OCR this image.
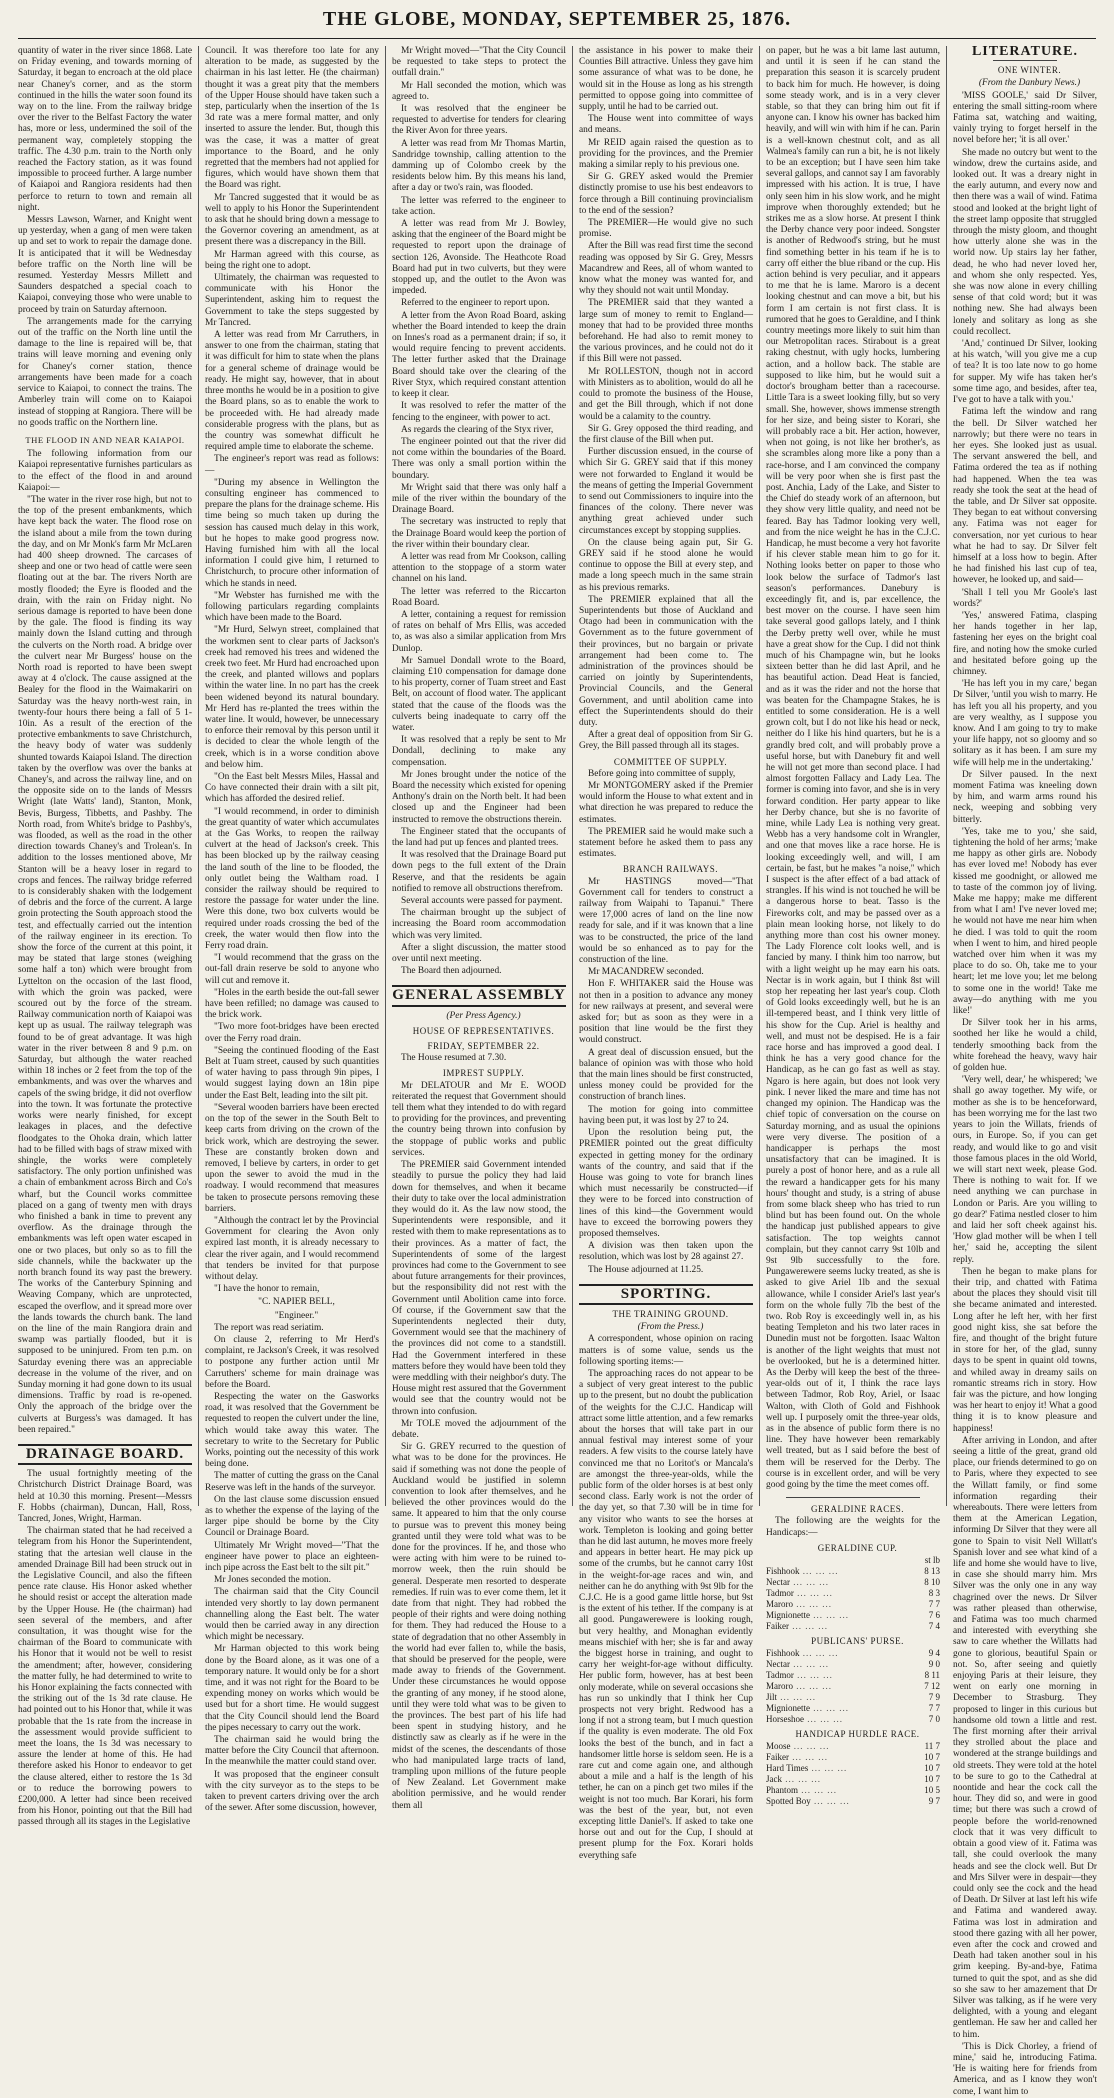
THE GLOBE, MONDAY, SEPTEMBER 25, 1876.

quantity of water in the river since 1868. Late on Friday evening, and towards morning of Saturday, it began to encroach at the old place near Chaney's corner, and as the storm continued in the hills the water soon found its way on to the line. From the railway bridge over the river to the Belfast Factory the water has, more or less, undermined the soil of the permanent way, completely stopping the traffic. The 4.30 p.m. train to the North only reached the Factory station, as it was found impossible to proceed further. A large number of Kaiapoi and Rangiora residents had then perforce to return to town and remain all night.

Messrs Lawson, Warner, and Knight went up yesterday, when a gang of men were taken up and set to work to repair the damage done. It is anticipated that it will be Wednesday before traffic on the North line will be resumed. Yesterday Messrs Millett and Saunders despatched a special coach to Kaiapoi, conveying those who were unable to proceed by train on Saturday afternoon.

The arrangements made for the carrying out of the traffic on the North line until the damage to the line is repaired will be, that trains will leave morning and evening only for Chaney's corner station, thence arrangements have been made for a coach service to Kaiapoi, to connect the trains. The Amberley train will come on to Kaiapoi instead of stopping at Rangiora. There will be no goods traffic on the Northern line.

THE FLOOD IN AND NEAR KAIAPOI.

The following information from our Kaiapoi representative furnishes particulars as to the effect of the flood in and around Kaiapoi:—

"The water in the river rose high, but not to the top of the present embankments, which have kept back the water. The flood rose on the island about a mile from the town during the day, and on Mr Monk's farm Mr McLaren had 400 sheep drowned. The carcases of sheep and one or two head of cattle were seen floating out at the bar. The rivers North are mostly flooded; the Eyre is flooded and the drain, with the rain on Friday night. No serious damage is reported to have been done by the gale. The flood is finding its way mainly down the Island cutting and through the culverts on the North road. A bridge over the culvert near Mr Burgess' house on the North road is reported to have been swept away at 4 o'clock. The cause assigned at the Bealey for the flood in the Waimakariri on Saturday was the heavy north-west rain, in twenty-four hours there being a fall of 5 1-10in. As a result of the erection of the protective embankments to save Christchurch, the heavy body of water was suddenly shunted towards Kaiapoi Island. The direction taken by the overflow was over the banks at Chaney's, and across the railway line, and on the opposite side on to the lands of Messrs Wright (late Watts' land), Stanton, Monk, Bevis, Burgess, Tibbetts, and Pashby. The North road, from White's bridge to Pashby's, was flooded, as well as the road in the other direction towards Chaney's and Trolean's. In addition to the losses mentioned above, Mr Stanton will be a heavy loser in regard to crops and fences. The railway bridge referred to is considerably shaken with the lodgement of debris and the force of the current. A large groin protecting the South approach stood the test, and effectually carried out the intention of the railway engineer in its erection. To show the force of the current at this point, it may be stated that large stones (weighing some half a ton) which were brought from Lyttelton on the occasion of the last flood, with which the groin was packed, were scoured out by the force of the stream. Railway communication north of Kaiapoi was kept up as usual. The railway telegraph was found to be of great advantage. It was high water in the river between 8 and 9 p.m. on Saturday, but although the water reached within 18 inches or 2 feet from the top of the embankments, and was over the wharves and capels of the swing bridge, it did not overflow into the town. It was fortunate the protective works were nearly finished, for except leakages in places, and the defective floodgates to the Ohoka drain, which latter had to be filled with bags of straw mixed with shingle, the works were completely satisfactory. The only portion unfinished was a chain of embankment across Birch and Co's wharf, but the Council works committee placed on a gang of twenty men with drays who finished a bank in time to prevent any overflow. As the drainage through the embankments was left open water escaped in one or two places, but only so as to fill the side channels, while the backwater up the north branch found its way past the brewery. The works of the Canterbury Spinning and Weaving Company, which are unprotected, escaped the overflow, and it spread more over the lands towards the church bank. The land on the line of the main Rangiora drain and swamp was partially flooded, but it is supposed to be uninjured. From ten p.m. on Saturday evening there was an appreciable decrease in the volume of the river, and on Sunday morning it had gone down to its usual dimensions. Traffic by road is re-opened. Only the approach of the bridge over the culverts at Burgess's was damaged. It has been repaired."

DRAINAGE BOARD.

The usual fortnightly meeting of the Christchurch District Drainage Board, was held at 10.30 this morning. Present—Messrs F. Hobbs (chairman), Duncan, Hall, Ross, Tancred, Jones, Wright, Harman.

The chairman stated that he had received a telegram from his Honor the Superintendent, stating that the artesian well clause in the amended Drainage Bill had been struck out in the Legislative Council, and also the fifteen pence rate clause. His Honor asked whether he should resist or accept the alteration made by the Upper House. He (the chairman) had seen several of the members, and after consultation, it was thought wise for the chairman of the Board to communicate with his Honor that it would not be well to resist the amendment; after, however, considering the matter fully, he had determined to write to his Honor explaining the facts connected with the striking out of the 1s 3d rate clause. He had pointed out to his Honor that, while it was probable that the 1s rate from the increase in the assessment would provide sufficient to meet the loans, the 1s 3d was necessary to assure the lender at home of this. He had therefore asked his Honor to endeavor to get the clause altered, either to restore the 1s 3d or to reduce the borrowing powers to £200,000. A letter had since been received from his Honor, pointing out that the Bill had passed through all its stages in the Legislative

Council. It was therefore too late for any alteration to be made, as suggested by the chairman in his last letter. He (the chairman) thought it was a great pity that the members of the Upper House should have taken such a step, particularly when the insertion of the 1s 3d rate was a mere formal matter, and only inserted to assure the lender. But, though this was the case, it was a matter of great importance to the Board, and he only regretted that the members had not applied for figures, which would have shown them that the Board was right.

Mr Tancred suggested that it would be as well to apply to his Honor the Superintendent to ask that he should bring down a message to the Governor covering an amendment, as at present there was a discrepancy in the Bill.

Mr Harman agreed with this course, as being the right one to adopt.

Ultimately, the chairman was requested to communicate with his Honor the Superintendent, asking him to request the Government to take the steps suggested by Mr Tancred.

A letter was read from Mr Carruthers, in answer to one from the chairman, stating that it was difficult for him to state when the plans for a general scheme of drainage would be ready. He might say, however, that in about three months he would be in a position to give the Board plans, so as to enable the work to be proceeded with. He had already made considerable progress with the plans, but as the country was somewhat difficult he required ample time to elaborate the scheme.

The engineer's report was read as follows:—

"During my absence in Wellington the consulting engineer has commenced to prepare the plans for the drainage scheme. His time being so much taken up during the session has caused much delay in this work, but he hopes to make good progress now. Having furnished him with all the local information I could give him, I returned to Christchurch, to procure other information of which he stands in need.

"Mr Webster has furnished me with the following particulars regarding complaints which have been made to the Board.

"Mr Hurd, Selwyn street, complained that the workmen sent to clear parts of Jackson's creek had removed his trees and widened the creek two feet. Mr Hurd had encroached upon the creek, and planted willows and poplars within the water line. In no part has the creek been widened beyond its natural boundary. Mr Herd has re-planted the trees within the water line. It would, however, be unnecessary to enforce their removal by this person until it is decided to clear the whole length of the creek, which is in a worse condition above and below him.

"On the East belt Messrs Miles, Hassal and Co have connected their drain with a silt pit, which has afforded the desired relief.

"I would recommend, in order to diminish the great quantity of water which accumulates at the Gas Works, to reopen the railway culvert at the head of Jackson's creek. This has been blocked up by the railway ceasing the land south of the line to be flooded, the only outlet being the Waltham road. I consider the railway should be required to restore the passage for water under the line. Were this done, two box culverts would be required under roads crossing the bed of the creek, the water would then flow into the Ferry road drain.

"I would recommend that the grass on the out-fall drain reserve be sold to anyone who will cut and remove it.

"Holes in the earth beside the out-fall sewer have been refilled; no damage was caused to the brick work.

"Two more foot-bridges have been erected over the Ferry road drain.

"Seeing the continued flooding of the East Belt at Tuam street, caused by such quantities of water having to pass through 9in pipes, I would suggest laying down an 18in pipe under the East Belt, leading into the silt pit.

"Several wooden barriers have been erected on the top of the sewer in the South Belt to keep carts from driving on the crown of the brick work, which are destroying the sewer. These are constantly broken down and removed, I believe by carters, in order to get upon the sewer to avoid the mud in the roadway. I would recommend that measures be taken to prosecute persons removing these barriers.

"Although the contract let by the Provincial Government for clearing the Avon only expired last month, it is already necessary to clear the river again, and I would recommend that tenders be invited for that purpose without delay.

"I have the honor to remain,

"C. NAPIER BELL,

"Engineer."

The report was read seriatim.

On clause 2, referring to Mr Herd's complaint, re Jackson's Creek, it was resolved to postpone any further action until Mr Carruthers' scheme for main drainage was before the Board.

Respecting the water on the Gasworks road, it was resolved that the Government be requested to reopen the culvert under the line, which would take away this water. The secretary to write to the Secretary for Public Works, pointing out the necessity of this work being done.

The matter of cutting the grass on the Canal Reserve was left in the hands of the surveyor.

On the last clause some discussion ensued as to whether the expense of the laying of the larger pipe should be borne by the City Council or Drainage Board.

Ultimately Mr Wright moved—"That the engineer have power to place an eighteen-inch pipe across the East belt to the silt pit."

Mr Jones seconded the motion.

The chairman said that the City Council intended very shortly to lay down permanent channelling along the East belt. The water would then be carried away in any direction which might be necessary.

Mr Harman objected to this work being done by the Board alone, as it was one of a temporary nature. It would only be for a short time, and it was not right for the Board to be expending money on works which would be used but for a short time. He would suggest that the City Council should lend the Board the pipes necessary to carry out the work.

The chairman said he would bring the matter before the City Council that afternoon. In the meanwhile the matter could stand over.

It was proposed that the engineer consult with the city surveyor as to the steps to be taken to prevent carters driving over the arch of the sewer. After some discussion, however,

Mr Wright moved—"That the City Council be requested to take steps to protect the outfall drain."

Mr Hall seconded the motion, which was agreed to.

It was resolved that the engineer be requested to advertise for tenders for clearing the River Avon for three years.

A letter was read from Mr Thomas Martin, Sandridge township, calling attention to the damming up of Colombo creek by the residents below him. By this means his land, after a day or two's rain, was flooded.

The letter was referred to the engineer to take action.

A letter was read from Mr J. Bowley, asking that the engineer of the Board might be requested to report upon the drainage of section 126, Avonside. The Heathcote Road Board had put in two culverts, but they were stopped up, and the outlet to the Avon was impeded.

Referred to the engineer to report upon.

A letter from the Avon Road Board, asking whether the Board intended to keep the drain on Innes's road as a permanent drain; if so, it would require fencing to prevent accidents. The letter further asked that the Drainage Board should take over the clearing of the River Styx, which required constant attention to keep it clear.

It was resolved to refer the matter of the fencing to the engineer, with power to act.

As regards the clearing of the Styx river,

The engineer pointed out that the river did not come within the boundaries of the Board. There was only a small portion within the boundary.

Mr Wright said that there was only half a mile of the river within the boundary of the Drainage Board.

The secretary was instructed to reply that the Drainage Board would keep the portion of the river within their boundary clear.

A letter was read from Mr Cookson, calling attention to the stoppage of a storm water channel on his land.

The letter was referred to the Riccarton Road Board.

A letter, containing a request for remission of rates on behalf of Mrs Ellis, was acceded to, as was also a similar application from Mrs Dunlop.

Mr Samuel Dondall wrote to the Board, claiming £10 compensation for damage done to his property, corner of Tuam street and East Belt, on account of flood water. The applicant stated that the cause of the floods was the culverts being inadequate to carry off the water.

It was resolved that a reply be sent to Mr Dondall, declining to make any compensation.

Mr Jones brought under the notice of the Board the necessity which existed for opening Anthony's drain on the North belt. It had been closed up and the Engineer had been instructed to remove the obstructions therein.

The Engineer stated that the occupants of the land had put up fences and planted trees.

It was resolved that the Drainage Board put down pegs to the full extent of the Drain Reserve, and that the residents be again notified to remove all obstructions therefrom.

Several accounts were passed for payment.

The chairman brought up the subject of increasing the Board room accommodation which was very limited.

After a slight discussion, the matter stood over until next meeting.

The Board then adjourned.

GENERAL ASSEMBLY

(Per Press Agency.)

HOUSE OF REPRESENTATIVES.

FRIDAY, SEPTEMBER 22.

The House resumed at 7.30.

IMPREST SUPPLY.

Mr DELATOUR and Mr E. WOOD reiterated the request that Government should tell them what they intended to do with regard to providing for the provinces, and preventing the country being thrown into confusion by the stoppage of public works and public services.

The PREMIER said Government intended steadily to pursue the policy they had laid down for themselves, and when it became their duty to take over the local administration they would do it. As the law now stood, the Superintendents were responsible, and it rested with them to make representations as to their provinces. As a matter of fact, the Superintendents of some of the largest provinces had come to the Government to see about future arrangements for their provinces, but the responsibility did not rest with the Government until Abolition came into force. Of course, if the Government saw that the Superintendents neglected their duty, Government would see that the machinery of the provinces did not come to a standstill. Had the Government interfered in these matters before they would have been told they were meddling with their neighbor's duty. The House might rest assured that the Government would see that the country would not be thrown into confusion.

Mr TOLE moved the adjournment of the debate.

Sir G. GREY recurred to the question of what was to be done for the provinces. He said if something was not done the people of Auckland would be justified in solemn convention to look after themselves, and he believed the other provinces would do the same. It appeared to him that the only course to pursue was to prevent this money being granted until they were told what was to be done for the provinces. If he, and those who were acting with him were to be ruined to-morrow week, then the ruin should be general. Desperate men resorted to desperate remedies. If ruin was to ever come them, let it date from that night. They had robbed the people of their rights and were doing nothing for them. They had reduced the House to a state of degradation that no other Assembly in the world had ever fallen to, while the basis, that should be preserved for the people, were made away to friends of the Government. Under these circumstances he would oppose the granting of any money, if he stood alone, until they were told what was to be given to the provinces. The best part of his life had been spent in studying history, and he distinctly saw as clearly as if he were in the midst of the scenes, the descendants of those who had manipulated large tracts of land, trampling upon millions of the future people of New Zealand. Let Government make abolition permissive, and he would render them all

the assistance in his power to make their Counties Bill attractive. Unless they gave him some assurance of what was to be done, he would sit in the House as long as his strength permitted to oppose going into committee of supply, until he had to be carried out.

The House went into committee of ways and means.

Mr REID again raised the question as to providing for the provinces, and the Premier making a similar reply to his previous one.

Sir G. GREY asked would the Premier distinctly promise to use his best endeavors to force through a Bill continuing provincialism to the end of the session?

The PREMIER—He would give no such promise.

After the Bill was read first time the second reading was opposed by Sir G. Grey, Messrs Macandrew and Rees, all of whom wanted to know what the money was wanted for, and why they should not wait until Monday.

The PREMIER said that they wanted a large sum of money to remit to England—money that had to be provided three months beforehand. He had also to remit money to the various provinces, and he could not do it if this Bill were not passed.

Mr ROLLESTON, though not in accord with Ministers as to abolition, would do all he could to promote the business of the House, and get the Bill through, which if not done would be a calamity to the country.

Sir G. Grey opposed the third reading, and the first clause of the Bill when put.

Further discussion ensued, in the course of which Sir G. GREY said that if this money were not forwarded to England it would be the means of getting the Imperial Government to send out Commissioners to inquire into the finances of the colony. There never was anything great achieved under such circumstances except by stopping supplies.

On the clause being again put, Sir G. GREY said if he stood alone he would continue to oppose the Bill at every step, and made a long speech much in the same strain as his previous remarks.

The PREMIER explained that all the Superintendents but those of Auckland and Otago had been in communication with the Government as to the future government of their provinces, but no bargain or private arrangement had been come to. The administration of the provinces should be carried on jointly by Superintendents, Provincial Councils, and the General Government, and until abolition came into effect the Superintendents should do their duty.

After a great deal of opposition from Sir G. Grey, the Bill passed through all its stages.

COMMITTEE OF SUPPLY.

Before going into committee of supply,

Mr MONTGOMERY asked if the Premier would inform the House to what extent and in what direction he was prepared to reduce the estimates.

The PREMIER said he would make such a statement before he asked them to pass any estimates.

BRANCH RAILWAYS.

Mr HASTINGS moved—"That Government call for tenders to construct a railway from Waipahi to Tapanui." There were 17,000 acres of land on the line now ready for sale, and if it was known that a line was to be constructed, the price of the land would be so enhanced as to pay for the construction of the line.

Mr MACANDREW seconded.

Hon F. WHITAKER said the House was not then in a position to advance any money for new railways at present, and several were asked for; but as soon as they were in a position that line would be the first they would construct.

A great deal of discussion ensued, but the balance of opinion was with those who hold that the main lines should be first constructed, unless money could be provided for the construction of branch lines.

The motion for going into committee having been put, it was lost by 27 to 24.

Upon the resolution being put, the PREMIER pointed out the great difficulty expected in getting money for the ordinary wants of the country, and said that if the House was going to vote for branch lines which must necessarily be constructed—if they were to be forced into construction of lines of this kind—the Government would have to exceed the borrowing powers they proposed themselves.

A division was then taken upon the resolution, which was lost by 28 against 27.

The House adjourned at 11.25.

SPORTING.

THE TRAINING GROUND.

(From the Press.)

A correspondent, whose opinion on racing matters is of some value, sends us the following sporting items:—

The approaching races do not appear to be a subject of very great interest to the public up to the present, but no doubt the publication of the weights for the C.J.C. Handicap will attract some little attention, and a few remarks about the horses that will take part in our annual festival may interest some of your readers. A few visits to the course lately have convinced me that no Loritot's or Mancala's are amongst the three-year-olds, while the public form of the older horses is at best only second class. Early work is not the order of the day yet, so that 7.30 will be in time for any visitor who wants to see the horses at work. Templeton is looking and going better than he did last autumn, he moves more freely and appears in better heart. He may pick up some of the crumbs, but he cannot carry 10st in the weight-for-age races and win, and neither can he do anything with 9st 9lb for the C.J.C. He is a good game little horse, but 9st is the extent of his tether. If the company is at all good. Pungawerewere is looking rough, but very healthy, and Monaghan evidently means mischief with her; she is far and away the biggest horse in training, and ought to carry her weight-for-age without difficulty. Her public form, however, has at best been only moderate, while on several occasions she has run so unkindly that I think her Cup prospects not very bright. Redwood has a long if not a strong team, but I much question if the quality is even moderate. The old Fox looks the best of the bunch, and in fact a handsomer little horse is seldom seen. He is a rare cut and come again one, and although about a mile and a half is the length of his tether, he can on a pinch get two miles if the weight is not too much. Bar Korari, his form was the best of the year, but, not even excepting little Daniel's. If asked to take one horse out and out for the Cup, I should at present plump for the Fox. Korari holds everything safe

on paper, but he was a bit lame last autumn, and until it is seen if he can stand the preparation this season it is scarcely prudent to back him for much. He however, is doing some steady work, and is in a very clever stable, so that they can bring him out fit if anyone can. I know his owner has backed him heavily, and will win with him if he can. Parin is a well-known chestnut colt, and as all Walmea's family can run a bit, he is not likely to be an exception; but I have seen him take several gallops, and cannot say I am favorably impressed with his action. It is true, I have only seen him in his slow work, and he might improve when thoroughly extended; but he strikes me as a slow horse. At present I think the Derby chance very poor indeed. Songster is another of Redwood's string, but he must find something better in his team if he is to carry off either the blue riband or the cup. His action behind is very peculiar, and it appears to me that he is lame. Maroro is a decent looking chestnut and can move a bit, but his form I am certain is not first class. It is rumored that he goes to Geraldine, and I think country meetings more likely to suit him than our Metropolitan races. Stirabout is a great raking chestnut, with ugly hocks, lumbering action, and a hollow back. The stable are supposed to like him, but he would suit a doctor's brougham better than a racecourse. Little Tara is a sweet looking filly, but so very small. She, however, shows immense strength for her size, and being sister to Korari, she will probably race a bit. Her action, however, when not going, is not like her brother's, as she scrambles along more like a pony than a race-horse, and I am convinced the company will be very poor when she is first past the post. Anchia, Lady of the Lake, and Sister to the Chief do steady work of an afternoon, but they show very little quality, and need not be feared. Bay has Tadmor looking very well, and from the nice weight he has in the C.J.C. Handicap, he must become a very hot favorite if his clever stable mean him to go for it. Nothing looks better on paper to those who look below the surface of Tadmor's last season's performances. Danebury is exceedingly fit, and is, par excellence, the best mover on the course. I have seen him take several good gallops lately, and I think the Derby pretty well over, while he must have a great show for the Cup. I did not think much of his Champagne win, but he looks sixteen better than he did last April, and he has beautiful action. Dead Heat is fancied, and as it was the rider and not the horse that was beaten for the Champagne Stakes, he is entitled to some consideration. He is a well grown colt, but I do not like his head or neck, neither do I like his hind quarters, but he is a grandly bred colt, and will probably prove a useful horse, but with Danebury fit and well he will not get more than second place. I had almost forgotten Fallacy and Lady Lea. The former is coming into favor, and she is in very forward condition. Her party appear to like her Derby chance, but she is no favorite of mine, while Lady Lea is nothing very great. Webb has a very handsome colt in Wrangler, and one that moves like a race horse. He is looking exceedingly well, and will, I am certain, be fast, but he makes "a noise," which I suspect is the after effect of a bad attack of strangles. If his wind is not touched he will be a dangerous horse to beat. Tasso is the Fireworks colt, and may be passed over as a plain mean looking horse, not likely to do anything more than cost his owner money. The Lady Florence colt looks well, and is fancied by many. I think him too narrow, but with a light weight up he may earn his oats. Nectar is in work again, but I think 8st will stop her repeating her last year's coup. Cloth of Gold looks exceedingly well, but he is an ill-tempered beast, and I think very little of his show for the Cup. Ariel is healthy and well, and must not be despised. He is a fair race horse and has improved a good deal. I think he has a very good chance for the Handicap, as he can go fast as well as stay. Ngaro is here again, but does not look very pink. I never liked the mare and time has not changed my opinion. The Handicap was the chief topic of conversation on the course on Saturday morning, and as usual the opinions were very diverse. The position of a handicapper is perhaps the most unsatisfactory that can be imagined. It is purely a post of honor here, and as a rule all the reward a handicapper gets for his many hours' thought and study, is a string of abuse from some black sheep who has tried to run blind but has been found out. On the whole the handicap just published appears to give satisfaction. The top weights cannot complain, but they cannot carry 9st 10lb and 9st 9lb successfully to the fore. Pungawerewere seems lucky treated, as she is asked to give Ariel 1lb and the sexual allowance, while I consider Ariel's last year's form on the whole fully 7lb the best of the two. Rob Roy is exceedingly well in, as his beating Templeton and his two later races in Dunedin must not be forgotten. Isaac Walton is another of the light weights that must not be overlooked, but he is a determined hitter. As the Derby will keep the best of the three-year-olds out of it, I think the race lays between Tadmor, Rob Roy, Ariel, or Isaac Walton, with Cloth of Gold and Fishhook well up. I purposely omit the three-year olds, as in the absence of public form there is no line. They have however been remarkably well treated, but as I said before the best of them will be reserved for the Derby. The course is in excellent order, and will be very good going by the time the meet comes off.

GERALDINE RACES.

The following are the weights for the Handicaps:—

GERALDINE CUP.

	st lb
Fishhook ... ... ...	8 13
Nectar ... ... ...	8 10
Tadmor ... ... ...	8 3
Maroro ... ... ...	7 7
Mignionette ... ... ...	7 6
Faiker ... ... ...	7 4

PUBLICANS' PURSE.

Fishhook ... ... ...	9 4
Nectar ... ... ...	9 0
Tadmor ... ... ...	8 11
Maroro ... ... ...	7 12
Jilt ... ... ...	7 9
Mignionette ... ... ...	7 7
Horseshoe ... ... ...	7 0

HANDICAP HURDLE RACE.

Moose ... ... ...	11 7
Faiker ... ... ...	10 7
Hard Times ... ... ...	10 7
Jack ... ... ...	10 7
Phantom ... ... ...	10 5
Spotted Boy ... ... ...	9 7
LITERATURE.

ONE WINTER.

(From the Danbury News.)

'MISS GOOLE,' said Dr Silver, entering the small sitting-room where Fatima sat, watching and waiting, vainly trying to forget herself in the novel before her; 'it is all over.'

She made no outcry but went to the window, drew the curtains aside, and looked out. It was a dreary night in the early autumn, and every now and then there was a wail of wind. Fatima stood and looked at the bright light of the street lamp opposite that struggled through the misty gloom, and thought how utterly alone she was in the world now. Up stairs lay her father, dead, he who had never loved her, and whom she only respected. Yes, she was now alone in every chilling sense of that cold word; but it was nothing new. She had always been lonely and solitary as long as she could recollect.

'And,' continued Dr Silver, looking at his watch, 'will you give me a cup of tea? It is too late now to go home for supper. My wife has taken her's some time ago, and besides, after tea, I've got to have a talk with you.'

Fatima left the window and rang the bell. Dr Silver watched her narrowly; but there were no tears in her eyes. She looked just as usual. The servant answered the bell, and Fatima ordered the tea as if nothing had happened. When the tea was ready she took the seat at the head of the table, and Dr Silver sat opposite. They began to eat without conversing any. Fatima was not eager for conversation, nor yet curious to hear what he had to say. Dr Silver felt himself at a loss how to begin. After he had finished his last cup of tea, however, he looked up, and said—

'Shall I tell you Mr Goole's last words?'

'Yes,' answered Fatima, clasping her hands together in her lap, fastening her eyes on the bright coal fire, and noting how the smoke curled and hesitated before going up the chimney.

'He has left you in my care,' began Dr Silver, 'until you wish to marry. He has left you all his property, and you are very wealthy, as I suppose you know. And I am going to try to make your life happy, not so gloomy and so solitary as it has been. I am sure my wife will help me in the undertaking.'

Dr Silver paused. In the next moment Fatima was kneeling down by him, and warm arms round his neck, weeping and sobbing very bitterly.

'Yes, take me to you,' she said, tightening the hold of her arms; 'make me happy as other girls are. Nobody has ever loved me! Nobody has ever kissed me goodnight, or allowed me to taste of the common joy of living. Make me happy; make me different from what I am! I've never loved me; he would not have me near him when he died. I was told to quit the room when I went to him, and hired people watched over him when it was my place to do so. Oh, take me to your heart; let me love you; let me belong to some one in the world! Take me away—do anything with me you like!'

Dr Silver took her in his arms, soothed her like he would a child, tenderly smoothing back from the white forehead the heavy, wavy hair of golden hue.

'Very well, dear,' he whispered; 'we shall go away together. My wife, or mother as she is to be henceforward, has been worrying me for the last two years to join the Willats, friends of ours, in Europe. So, if you can get ready, and would like to go and visit those famous places in the old World, we will start next week, please God. There is nothing to wait for. If we need anything we can purchase in London or Paris. Are you willing to go dear?' Fatima nestled closer to him and laid her soft cheek against his. 'How glad mother will be when I tell her,' said he, accepting the silent reply.

Then he began to make plans for their trip, and chatted with Fatima about the places they should visit till she became animated and interested. Long after he left her, with her first good night kiss, she sat before the fire, and thought of the bright future in store for her, of the glad, sunny days to be spent in quaint old towns, and whiled away in dreamy sails on romantic streams rich in story. How fair was the picture, and how longing was her heart to enjoy it! What a good thing it is to know pleasure and happiness!

After arriving in London, and after seeing a little of the great, grand old place, our friends determined to go on to Paris, where they expected to see the Willatt family, or find some information regarding their whereabouts. There were letters from them at the American Legation, informing Dr Silver that they were all gone to Spain to visit Nell Willatt's Spanish lover and see what kind of a life and home she would have to live, in case she should marry him. Mrs Silver was the only one in any way chagrined over the news. Dr Silver was rather pleased than otherwise, and Fatima was too much charmed and interested with everything she saw to care whether the Willatts had gone to glorious, beautiful Spain or not. So, after seeing and quietly enjoying Paris at their leisure, they went on early one morning in December to Strasburg. They proposed to linger in this curious but handsome old town a little and rest. The first morning after their arrival they strolled about the place and wondered at the strange buildings and old streets. They were told at the hotel to be sure to go to the Cathedral at noontide and hear the cock call the hour. They did so, and were in good time; but there was such a crowd of people before the world-renowned clock that it was very difficult to obtain a good view of it. Fatima was tall, she could overlook the many heads and see the clock well. But Dr and Mrs Silver were in despair—they could only see the cock and the head of Death. Dr Silver at last left his wife and Fatima and wandered away. Fatima was lost in admiration and stood there gazing with all her power, even after the cock and crowed and Death had taken another soul in his grim keeping. By-and-bye, Fatima turned to quit the spot, and as she did so she saw to her amazement that Dr Silver was talking, as if he were very delighted, with a young and elegant gentleman. He saw her and called her to him.

'This is Dick Chorley, a friend of mine,' said he, introducing Fatima. 'He is waiting here for friends from America, and as I know they won't come, I want him to
